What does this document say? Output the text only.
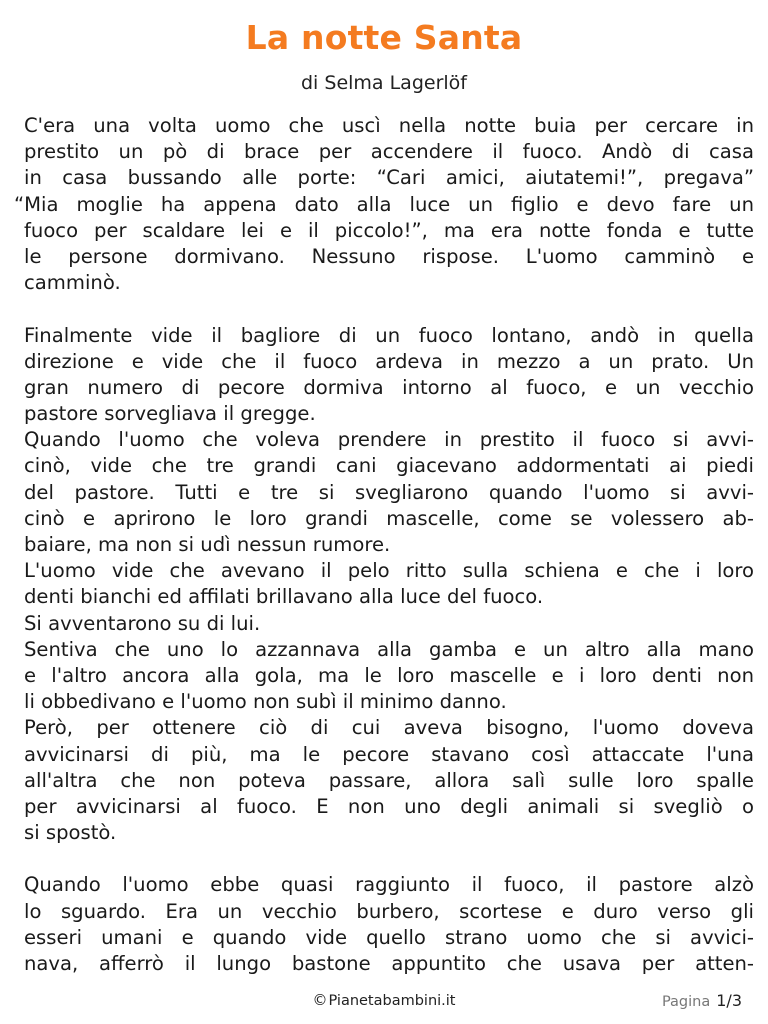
La notte Santa
di Selma Lagerlöf
C'era una volta uomo che uscì nella notte buia per cercare in
prestito un pò di brace per accendere il fuoco. Andò di casa
in casa bussando alle porte: “Cari amici, aiutatemi!”, pregava”
“Mia moglie ha appena dato alla luce un figlio e devo fare un
fuoco per scaldare lei e il piccolo!”, ma era notte fonda e tutte
le persone dormivano. Nessuno rispose. L'uomo camminò e
camminò.
Finalmente vide il bagliore di un fuoco lontano, andò in quella
direzione e vide che il fuoco ardeva in mezzo a un prato. Un
gran numero di pecore dormiva intorno al fuoco, e un vecchio
pastore sorvegliava il gregge.
Quando l'uomo che voleva prendere in prestito il fuoco si avvi-
cinò, vide che tre grandi cani giacevano addormentati ai piedi
del pastore. Tutti e tre si svegliarono quando l'uomo si avvi-
cinò e aprirono le loro grandi mascelle, come se volessero ab-
baiare, ma non si udì nessun rumore.
L'uomo vide che avevano il pelo ritto sulla schiena e che i loro
denti bianchi ed affilati brillavano alla luce del fuoco.
Si avventarono su di lui.
Sentiva che uno lo azzannava alla gamba e un altro alla mano
e l'altro ancora alla gola, ma le loro mascelle e i loro denti non
li obbedivano e l'uomo non subì il minimo danno.
Però, per ottenere ciò di cui aveva bisogno, l'uomo doveva
avvicinarsi di più, ma le pecore stavano così attaccate l'una
all'altra che non poteva passare, allora salì sulle loro spalle
per avvicinarsi al fuoco. E non uno degli animali si svegliò o
si spostò.
Quando l'uomo ebbe quasi raggiunto il fuoco, il pastore alzò
lo sguardo. Era un vecchio burbero, scortese e duro verso gli
esseri umani e quando vide quello strano uomo che si avvici-
nava, afferrò il lungo bastone appuntito che usava per atten-
©Pianetabambini.it	Pagina 1/3
